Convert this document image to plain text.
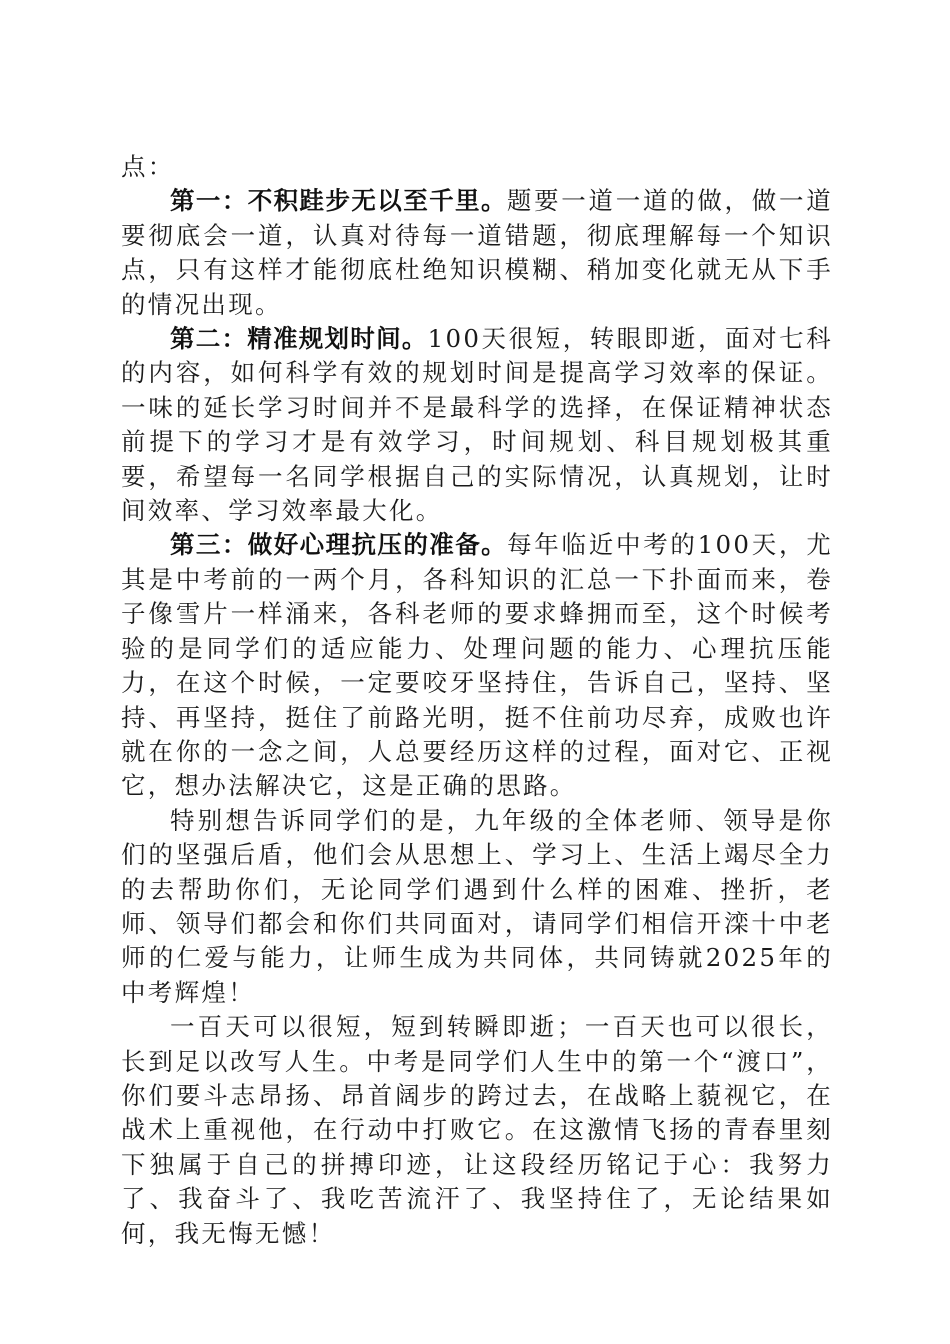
点：

第一：不积跬步无以至千里。题要一道一道的做，做一道要彻底会一道，认真对待每一道错题，彻底理解每一个知识点，只有这样才能彻底杜绝知识模糊、稍加变化就无从下手的情况出现。

第二：精准规划时间。100天很短，转眼即逝，面对七科的内容，如何科学有效的规划时间是提高学习效率的保证。一味的延长学习时间并不是最科学的选择，在保证精神状态前提下的学习才是有效学习，时间规划、科目规划极其重要，希望每一名同学根据自己的实际情况，认真规划，让时间效率、学习效率最大化。

第三：做好心理抗压的准备。每年临近中考的100天，尤其是中考前的一两个月，各科知识的汇总一下扑面而来，卷子像雪片一样涌来，各科老师的要求蜂拥而至，这个时候考验的是同学们的适应能力、处理问题的能力、心理抗压能力，在这个时候，一定要咬牙坚持住，告诉自己，坚持、坚持、再坚持，挺住了前路光明，挺不住前功尽弃，成败也许就在你的一念之间，人总要经历这样的过程，面对它、正视它，想办法解决它，这是正确的思路。

特别想告诉同学们的是，九年级的全体老师、领导是你们的坚强后盾，他们会从思想上、学习上、生活上竭尽全力的去帮助你们，无论同学们遇到什么样的困难、挫折，老师、领导们都会和你们共同面对，请同学们相信开滦十中老师的仁爱与能力，让师生成为共同体，共同铸就2025年的中考辉煌！

一百天可以很短，短到转瞬即逝；一百天也可以很长，长到足以改写人生。中考是同学们人生中的第一个“渡口”，你们要斗志昂扬、昂首阔步的跨过去，在战略上藐视它，在战术上重视他，在行动中打败它。在这激情飞扬的青春里刻下独属于自己的拼搏印迹，让这段经历铭记于心：我努力了、我奋斗了、我吃苦流汗了、我坚持住了，无论结果如何，我无悔无憾！
